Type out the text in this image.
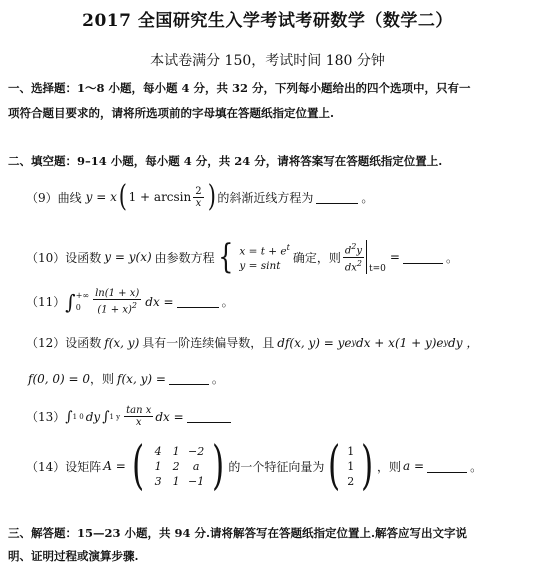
2017 全国研究生入学考试考研数学（数学二）
本试卷满分 150，考试时间 180 分钟
一、选择题：1～8 小题，每小题 4 分，共 32 分，下列每小题给出的四个选项中，只有一
项符合题目要求的，请将所选项前的字母填在答题纸指定位置上.
二、填空题：9–14 小题，每小题 4 分，共 24 分，请将答案写在答题纸指定位置上.
（9）曲线 y = x ( $1 + \arcsin \frac{2}{x}$ ) 的斜渐近线方程为	。
（10）设函数 y = y(x) 由参数方程 { $x = t + e^t$
y = sint
确定，则 $\frac{d^2y}{dx^2} t=0$
=	。
（11） ∫ +∞
0	$\frac{\ln(1 + x)}{(1 + x)^2}$ dx =	。
（12）设函数 f(x, y) 具有一阶连续偏导数，且 df(x, y) = ye y dx + x(1 + y)e y dy ，
f(0, 0) = 0 ，则 f(x, y) =	。
（13） ∫ 1 0 dy ∫ 1 y $\frac{\text{tan x}}{x}$ dx =
（14）设矩阵 A = ( 4	1 −2
1	2	a
3	1 −1 ) 的一个特征向量为 ( 1
1
2 ) ，则 a =	。
三、解答题：15—23 小题，共 94 分.请将解答写在答题纸指定位置上.解答应写出文字说
明、证明过程或演算步骤.
